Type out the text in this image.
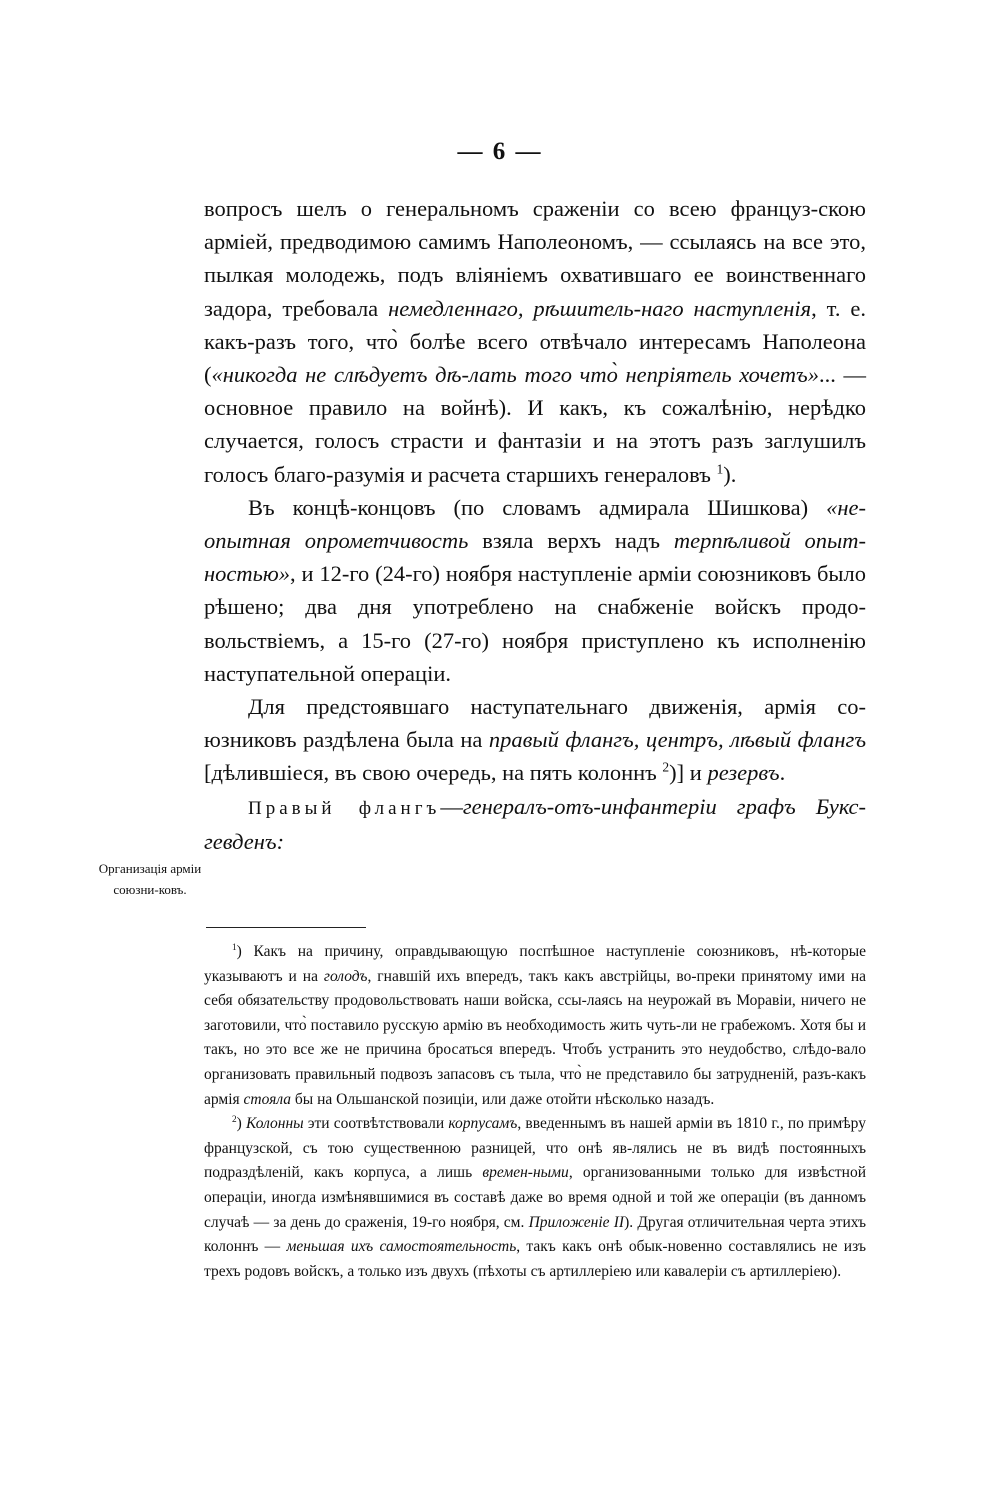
— 6 —

вопросъ шелъ о генеральномъ сраженіи со всею француз-скою арміей, предводимою самимъ Наполеономъ, — ссылаясь на все это, пылкая молодежь, подъ вліяніемъ охватившаго ее воинственнаго задора, требовала немедленнаго, рѣшитель-наго наступленія, т. е. какъ-разъ того, что̀ болѣе всего отвѣчало интересамъ Наполеона («никогда не слѣдуетъ дѣ-лать того что̀ непріятель хочетъ»... — основное правило на войнѣ). И какъ, къ сожалѣнію, нерѣдко случается, голосъ страсти и фантазіи и на этотъ разъ заглушилъ голосъ благо-разумія и расчета старшихъ генераловъ $^1$).

Въ концѣ-концовъ (по словамъ адмирала Шишкова) «не-опытная опрометчивость взяла верхъ надъ терпѣливой опыт-ностью», и 12-го (24-го) ноября наступленіе арміи союзниковъ было рѣшено; два дня употреблено на снабженіе войскъ продо-вольствіемъ, а 15-го (27-го) ноября приступлено къ исполненію наступательной операціи.

Для предстоявшаго наступательнаго движенія, армія со-юзниковъ раздѣлена была на правый флангъ, центръ, лѣвый флангъ [дѣлившіеся, въ свою очередь, на пять колоннъ $^2$)] и резервъ.

Правый флангъ—генералъ-отъ-инфантеріи графъ Букс-гевденъ:

Организація арміи союзни-ковъ.

$^1$) Какъ на причину, оправдывающую поспѣшное наступленіе союзниковъ, нѣ-которые указываютъ и на голодъ, гнавшій ихъ впередъ, такъ какъ австрійцы, во-преки принятому ими на себя обязательству продовольствовать наши войска, ссы-лаясь на неурожай въ Моравіи, ничего не заготовили, что̀ поставило русскую армію въ необходимость жить чуть-ли не грабежомъ. Хотя бы и такъ, но это все же не причина бросаться впередъ. Чтобъ устранить это неудобство, слѣдо-вало организовать правильный подвозъ запасовъ съ тыла, что̀ не представило бы затрудненій, разъ-какъ армія стояла бы на Ольшанской позиціи, или даже отойти нѣсколько назадъ.

$^2$) Колонны эти соотвѣтствовали корпусамъ, введеннымъ въ нашей арміи въ 1810 г., по примѣру французской, съ тою существенною разницей, что онѣ яв-лялись не въ видѣ постоянныхъ подраздѣленій, какъ корпуса, а лишь времен-ными, организованными только для извѣстной операціи, иногда измѣнявшимися въ составѣ даже во время одной и той же операціи (въ данномъ случаѣ — за день до сраженія, 19-го ноября, см. Приложеніе II). Другая отличительная черта этихъ колоннъ — меньшая ихъ самостоятельность, такъ какъ онѣ обык-новенно составлялись не изъ трехъ родовъ войскъ, а только изъ двухъ (пѣхоты съ артиллеріею или кавалеріи съ артиллеріею).
